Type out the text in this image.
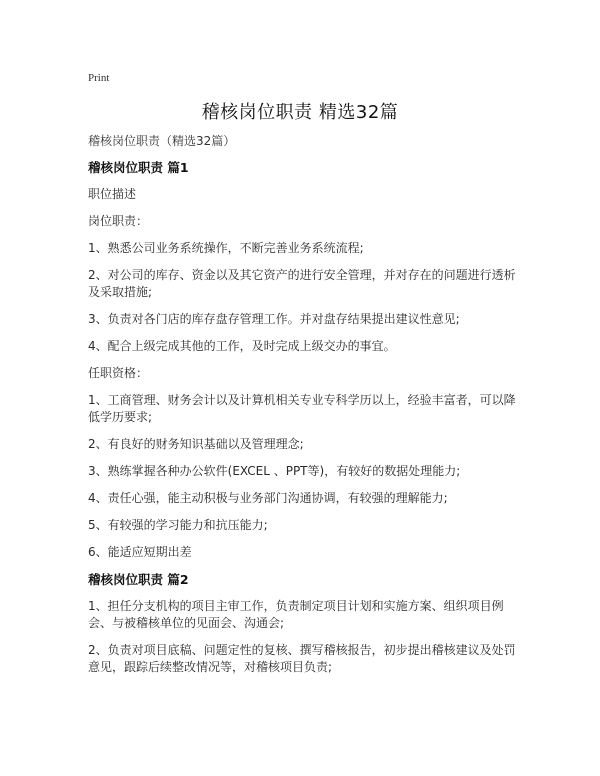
Print
稽核岗位职责 精选32篇
稽核岗位职责（精选32篇）
稽核岗位职责 篇1

职位描述

岗位职责：

1、熟悉公司业务系统操作，不断完善业务系统流程;

2、对公司的库存、资金以及其它资产的进行安全管理，并对存在的问题进行透析及采取措施;

3、负责对各门店的库存盘存管理工作。并对盘存结果提出建议性意见;

4、配合上级完成其他的工作，及时完成上级交办的事宜。

任职资格：

1、工商管理、财务会计以及计算机相关专业专科学历以上，经验丰富者，可以降低学历要求;

2、有良好的财务知识基础以及管理理念;

3、熟练掌握各种办公软件(EXCEL 、PPT等)，有较好的数据处理能力;

4、责任心强，能主动积极与业务部门沟通协调，有较强的理解能力;

5、有较强的学习能力和抗压能力;

6、能适应短期出差

稽核岗位职责 篇2

1、担任分支机构的项目主审工作，负责制定项目计划和实施方案、组织项目例会、与被稽核单位的见面会、沟通会;

2、负责对项目底稿、问题定性的复核、撰写稽核报告，初步提出稽核建议及处罚意见，跟踪后续整改情况等，对稽核项目负责;
